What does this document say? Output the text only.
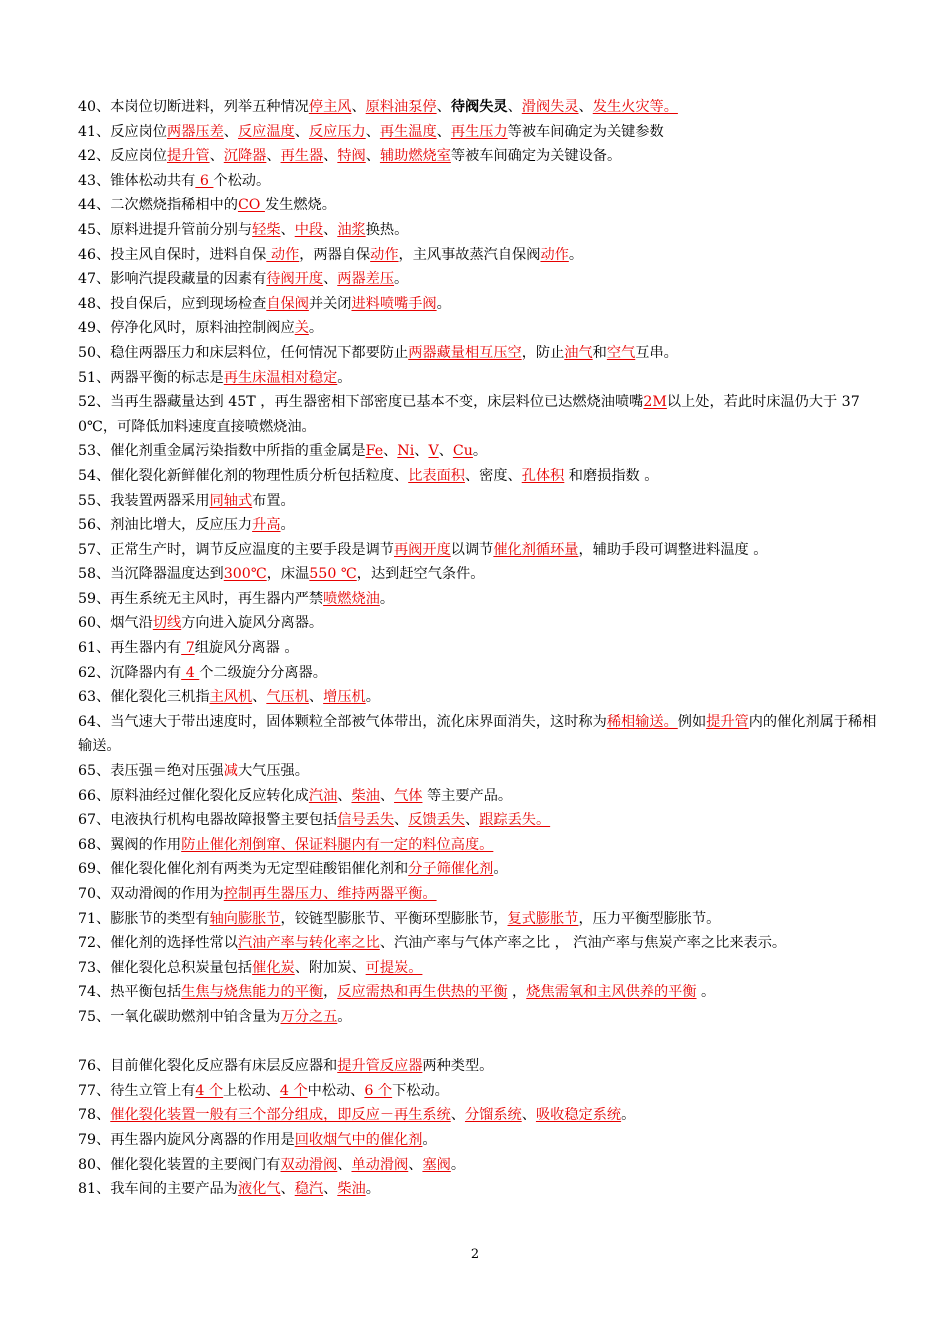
40、本岗位切断进料，列举五种情况停主风、原料油泵停、待阀失灵、滑阀失灵、发生火灾等。
41、反应岗位两器压差、反应温度、反应压力、再生温度、再生压力等被车间确定为关键参数
42、反应岗位提升管、沉降器、再生器、特阀、辅助燃烧室等被车间确定为关键设备。
43、锥体松动共有 6 个松动。
44、二次燃烧指稀相中的CO 发生燃烧。
45、原料进提升管前分别与轻柴、中段、油浆换热。
46、投主风自保时，进料自保 动作，两器自保动作，主风事故蒸汽自保阀动作。
47、影响汽提段藏量的因素有待阀开度、两器差压。
48、投自保后，应到现场检查自保阀并关闭进料喷嘴手阀。
49、停净化风时，原料油控制阀应关。
50、稳住两器压力和床层料位，任何情况下都要防止两器藏量相互压空，防止油气和空气互串。
51、两器平衡的标志是再生床温相对稳定。
52、当再生器藏量达到 45T ，再生器密相下部密度已基本不变，床层料位已达燃烧油喷嘴2M以上处，若此时床温仍大于 370℃，可降低加料速度直接喷燃烧油。
53、催化剂重金属污染指数中所指的重金属是Fe、Ni、V、Cu。
54、催化裂化新鲜催化剂的物理性质分析包括粒度、比表面积、密度、孔体积 和磨损指数 。
55、我装置两器采用同轴式布置。
56、剂油比增大，反应压力升高。
57、正常生产时，调节反应温度的主要手段是调节再阀开度以调节催化剂循环量，辅助手段可调整进料温度 。
58、当沉降器温度达到300℃，床温550 ℃，达到赶空气条件。
59、再生系统无主风时，再生器内严禁喷燃烧油。
60、烟气沿切线方向进入旋风分离器。
61、再生器内有 7组旋风分离器 。
62、沉降器内有 4 个二级旋分分离器。
63、催化裂化三机指主风机、气压机、增压机。
64、当气速大于带出速度时，固体颗粒全部被气体带出，流化床界面消失，这时称为稀相输送。例如提升管内的催化剂属于稀相输送。
65、表压强＝绝对压强减大气压强。
66、原料油经过催化裂化反应转化成汽油、柴油、气体 等主要产品。
67、电液执行机构电器故障报警主要包括信号丢失、反馈丢失、跟踪丢失。
68、翼阀的作用防止催化剂倒窜、保证料腿内有一定的料位高度。
69、催化裂化催化剂有两类为无定型硅酸铝催化剂和分子筛催化剂。
70、双动滑阀的作用为控制再生器压力、维持两器平衡。
71、膨胀节的类型有轴向膨胀节，铰链型膨胀节、平衡环型膨胀节，复式膨胀节，压力平衡型膨胀节。
72、催化剂的选择性常以汽油产率与转化率之比、汽油产率与气体产率之比 ， 汽油产率与焦炭产率之比来表示。
73、催化裂化总积炭量包括催化炭、附加炭、可提炭。
74、热平衡包括生焦与烧焦能力的平衡，反应需热和再生供热的平衡 ，烧焦需氧和主风供养的平衡 。
75、一氧化碳助燃剂中铂含量为万分之五。
76、目前催化裂化反应器有床层反应器和提升管反应器两种类型。
77、待生立管上有4 个上松动、4 个中松动、6 个下松动。
78、催化裂化装置一般有三个部分组成，即反应－再生系统、分馏系统、吸收稳定系统。
79、再生器内旋风分离器的作用是回收烟气中的催化剂。
80、催化裂化装置的主要阀门有双动滑阀、单动滑阀、塞阀。
81、我车间的主要产品为液化气、稳汽、柴油。
2
